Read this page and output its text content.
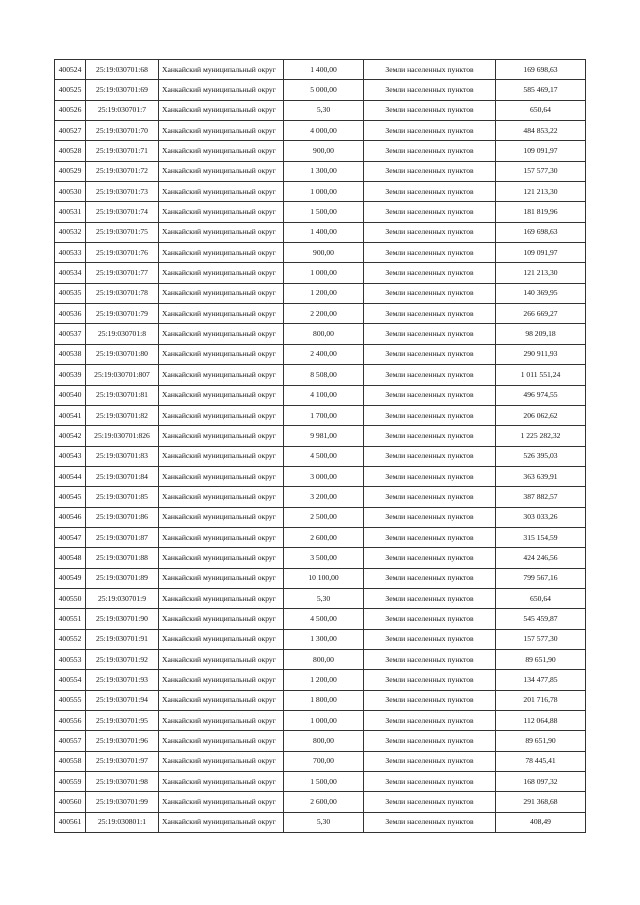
400524	25:19:030701:68	Ханкайский муниципальный округ	1 400,00	Земли населенных пунктов	169 698,63
400525	25:19:030701:69	Ханкайский муниципальный округ	5 000,00	Земли населенных пунктов	585 469,17
400526	25:19:030701:7	Ханкайский муниципальный округ	5,30	Земли населенных пунктов	650,64
400527	25:19:030701:70	Ханкайский муниципальный округ	4 000,00	Земли населенных пунктов	484 853,22
400528	25:19:030701:71	Ханкайский муниципальный округ	900,00	Земли населенных пунктов	109 091,97
400529	25:19:030701:72	Ханкайский муниципальный округ	1 300,00	Земли населенных пунктов	157 577,30
400530	25:19:030701:73	Ханкайский муниципальный округ	1 000,00	Земли населенных пунктов	121 213,30
400531	25:19:030701:74	Ханкайский муниципальный округ	1 500,00	Земли населенных пунктов	181 819,96
400532	25:19:030701:75	Ханкайский муниципальный округ	1 400,00	Земли населенных пунктов	169 698,63
400533	25:19:030701:76	Ханкайский муниципальный округ	900,00	Земли населенных пунктов	109 091,97
400534	25:19:030701:77	Ханкайский муниципальный округ	1 000,00	Земли населенных пунктов	121 213,30
400535	25:19:030701:78	Ханкайский муниципальный округ	1 200,00	Земли населенных пунктов	140 369,95
400536	25:19:030701:79	Ханкайский муниципальный округ	2 200,00	Земли населенных пунктов	266 669,27
400537	25:19:030701:8	Ханкайский муниципальный округ	800,00	Земли населенных пунктов	98 209,18
400538	25:19:030701:80	Ханкайский муниципальный округ	2 400,00	Земли населенных пунктов	290 911,93
400539	25:19:030701:807	Ханкайский муниципальный округ	8 508,00	Земли населенных пунктов	1 011 551,24
400540	25:19:030701:81	Ханкайский муниципальный округ	4 100,00	Земли населенных пунктов	496 974,55
400541	25:19:030701:82	Ханкайский муниципальный округ	1 700,00	Земли населенных пунктов	206 062,62
400542	25:19:030701:826	Ханкайский муниципальный округ	9 981,00	Земли населенных пунктов	1 225 282,32
400543	25:19:030701:83	Ханкайский муниципальный округ	4 500,00	Земли населенных пунктов	526 395,03
400544	25:19:030701:84	Ханкайский муниципальный округ	3 000,00	Земли населенных пунктов	363 639,91
400545	25:19:030701:85	Ханкайский муниципальный округ	3 200,00	Земли населенных пунктов	387 882,57
400546	25:19:030701:86	Ханкайский муниципальный округ	2 500,00	Земли населенных пунктов	303 033,26
400547	25:19:030701:87	Ханкайский муниципальный округ	2 600,00	Земли населенных пунктов	315 154,59
400548	25:19:030701:88	Ханкайский муниципальный округ	3 500,00	Земли населенных пунктов	424 246,56
400549	25:19:030701:89	Ханкайский муниципальный округ	10 100,00	Земли населенных пунктов	799 567,16
400550	25:19:030701:9	Ханкайский муниципальный округ	5,30	Земли населенных пунктов	650,64
400551	25:19:030701:90	Ханкайский муниципальный округ	4 500,00	Земли населенных пунктов	545 459,87
400552	25:19:030701:91	Ханкайский муниципальный округ	1 300,00	Земли населенных пунктов	157 577,30
400553	25:19:030701:92	Ханкайский муниципальный округ	800,00	Земли населенных пунктов	89 651,90
400554	25:19:030701:93	Ханкайский муниципальный округ	1 200,00	Земли населенных пунктов	134 477,85
400555	25:19:030701:94	Ханкайский муниципальный округ	1 800,00	Земли населенных пунктов	201 716,78
400556	25:19:030701:95	Ханкайский муниципальный округ	1 000,00	Земли населенных пунктов	112 064,88
400557	25:19:030701:96	Ханкайский муниципальный округ	800,00	Земли населенных пунктов	89 651,90
400558	25:19:030701:97	Ханкайский муниципальный округ	700,00	Земли населенных пунктов	78 445,41
400559	25:19:030701:98	Ханкайский муниципальный округ	1 500,00	Земли населенных пунктов	168 097,32
400560	25:19:030701:99	Ханкайский муниципальный округ	2 600,00	Земли населенных пунктов	291 368,68
400561	25:19:030801:1	Ханкайский муниципальный округ	5,30	Земли населенных пунктов	408,49
